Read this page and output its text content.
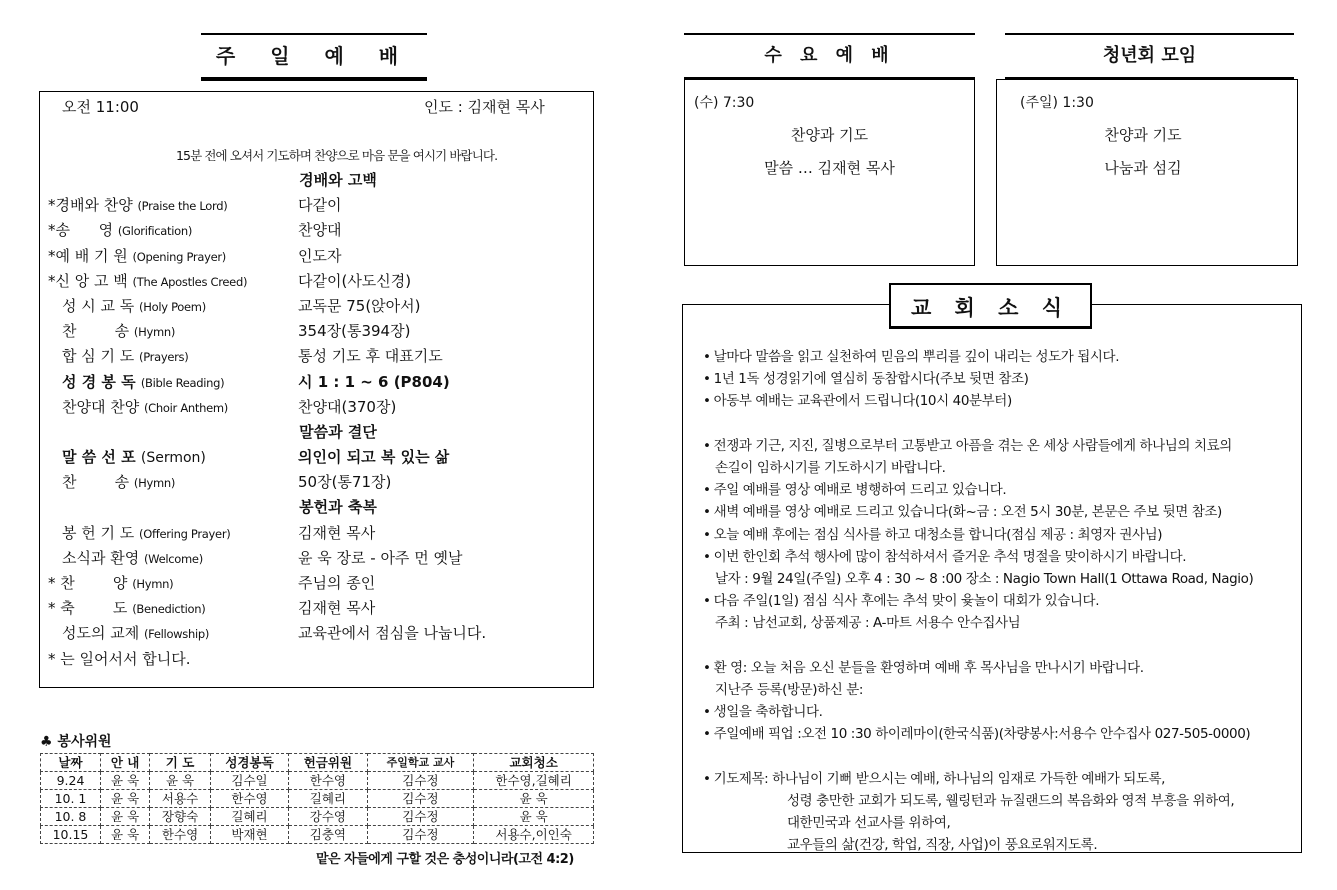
주 일 예 배
오전 11:00	인도 : 김재현 목사
15분 전에 오셔서 기도하며 찬양으로 마음 문을 여시기 바랍니다.
경배와 고백
*경배와 찬양 (Praise the Lord)	다같이
*송      영 (Glorification)	찬양대
*예 배 기 원 (Opening Prayer)	인도자
*신 앙 고 백 (The Apostles Creed)	다같이(사도신경)
성 시 교 독 (Holy Poem)	교독문 75(앉아서)
찬        송 (Hymn)	354장(통394장)
합 심 기 도 (Prayers)	통성 기도 후 대표기도
성 경 봉 독 (Bible Reading)	시 1 : 1 ~ 6 (P804)
찬양대 찬양 (Choir Anthem)	찬양대(370장)
말씀과 결단
말 씀 선 포 (Sermon)	의인이 되고 복 있는 삶
찬        송 (Hymn)	50장(통71장)
봉헌과 축복
봉 헌 기 도 (Offering Prayer)	김재현 목사
소식과 환영 (Welcome)	윤 욱 장로 - 아주 먼 옛날
* 찬        양 (Hymn)	주님의 종인
* 축        도 (Benediction)	김재현 목사
성도의 교제 (Fellowship)	교육관에서 점심을 나눕니다.
* 는 일어서서 합니다.
♣ 봉사위원
날짜	안 내	기 도	성경봉독	헌금위원	주일학교 교사	교회청소
9.24	윤 욱	윤 욱	김수일	한수영	김수정	한수영,길혜리
10. 1	윤 욱	서용수	한수영	길혜리	김수정	윤 욱
10. 8	윤 욱	장향숙	길혜리	강수영	김수정	윤 욱
10.15	윤 욱	한수영	박재현	김충역	김수정	서용수,이인숙
맡은 자들에게 구할 것은 충성이니라(고전 4:2)
수 요 예 배
(수) 7:30
찬양과 기도
말씀 … 김재현 목사
청년회 모임
(주일) 1:30
찬양과 기도
나눔과 섬김
교 회 소 식
• 날마다 말씀을 읽고 실천하여 믿음의 뿌리를 깊이 내리는 성도가 됩시다.
• 1년 1독 성경읽기에 열심히 동참합시다(주보 뒷면 참조)
• 아동부 예배는 교육관에서 드립니다(10시 40분부터)
• 전쟁과 기근, 지진, 질병으로부터 고통받고 아픔을 겪는 온 세상 사람들에게 하나님의 치료의
손길이 임하시기를 기도하시기 바랍니다.
• 주일 예배를 영상 예배로 병행하여 드리고 있습니다.
• 새벽 예배를 영상 예배로 드리고 있습니다(화~금 : 오전 5시 30분, 본문은 주보 뒷면 참조)
• 오늘 예배 후에는 점심 식사를 하고 대청소를 합니다(점심 제공 : 최영자 권사님)
• 이번 한인회 추석 행사에 많이 참석하셔서 즐거운 추석 명절을 맞이하시기 바랍니다.
날자 : 9월 24일(주일) 오후 4 : 30 ~ 8 :00 장소 : Nagio Town Hall(1 Ottawa Road, Nagio)
• 다음 주일(1일) 점심 식사 후에는 추석 맞이 윷놀이 대회가 있습니다.
주최 : 남선교회, 상품제공 : A-마트 서용수 안수집사님
• 환 영: 오늘 처음 오신 분들을 환영하며 예배 후 목사님을 만나시기 바랍니다.
지난주 등록(방문)하신 분:
• 생일을 축하합니다.
• 주일예배 픽업 :오전 10 :30 하이레마이(한국식품)(차량봉사:서용수 안수집사 027-505-0000)
• 기도제목: 하나님이 기뻐 받으시는 예배, 하나님의 임재로 가득한 예배가 되도록,
성령 충만한 교회가 되도록, 웰링턴과 뉴질랜드의 복음화와 영적 부흥을 위하여,
대한민국과 선교사를 위하여,
교우들의 삶(건강, 학업, 직장, 사업)이 풍요로워지도록.
